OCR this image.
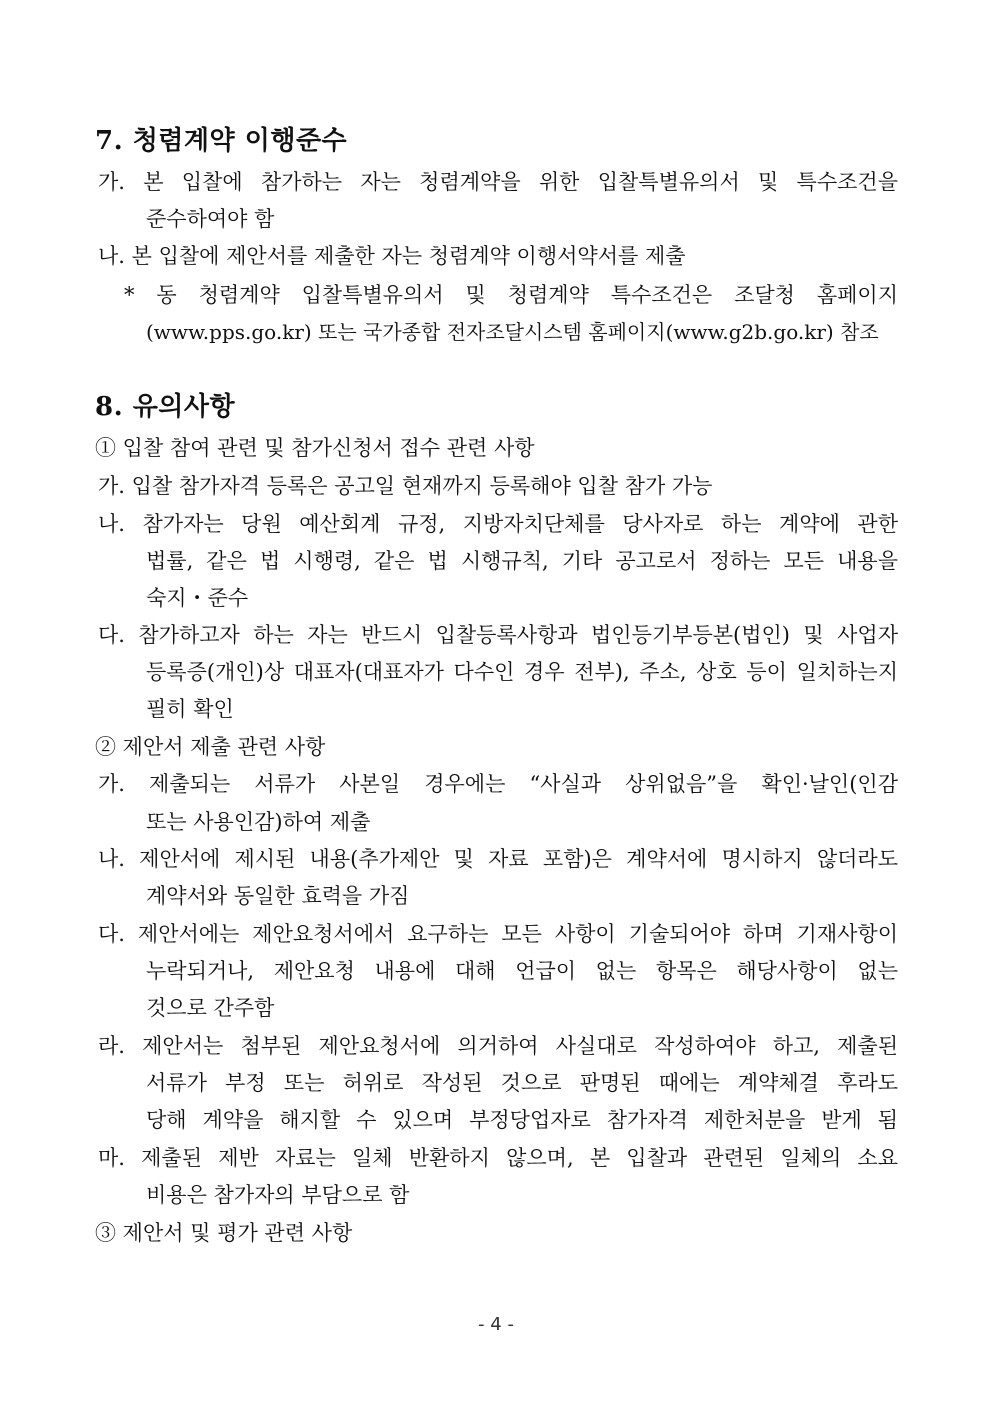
7. 청렴계약 이행준수

가. 본 입찰에 참가하는 자는 청렴계약을 위한 입찰특별유의서 및 특수조건을

준수하여야 함

나. 본 입찰에 제안서를 제출한 자는 청렴계약 이행서약서를 제출

* 동 청렴계약 입찰특별유의서 및 청렴계약 특수조건은 조달청 홈페이지

(www.pps.go.kr) 또는 국가종합 전자조달시스템 홈페이지(www.g2b.go.kr) 참조

8. 유의사항

① 입찰 참여 관련 및 참가신청서 접수 관련 사항

가. 입찰 참가자격 등록은 공고일 현재까지 등록해야 입찰 참가 가능

나. 참가자는 당원 예산회계 규정, 지방자치단체를 당사자로 하는 계약에 관한

법률, 같은 법 시행령, 같은 법 시행규칙, 기타 공고로서 정하는 모든 내용을

숙지・준수

다. 참가하고자 하는 자는 반드시 입찰등록사항과 법인등기부등본(법인) 및 사업자

등록증(개인)상 대표자(대표자가 다수인 경우 전부), 주소, 상호 등이 일치하는지

필히 확인

② 제안서 제출 관련 사항

가. 제출되는 서류가 사본일 경우에는 “사실과 상위없음”을 확인·날인(인감

또는 사용인감)하여 제출

나. 제안서에 제시된 내용(추가제안 및 자료 포함)은 계약서에 명시하지 않더라도

계약서와 동일한 효력을 가짐

다. 제안서에는 제안요청서에서 요구하는 모든 사항이 기술되어야 하며 기재사항이

누락되거나, 제안요청 내용에 대해 언급이 없는 항목은 해당사항이 없는

것으로 간주함

라. 제안서는 첨부된 제안요청서에 의거하여 사실대로 작성하여야 하고, 제출된

서류가 부정 또는 허위로 작성된 것으로 판명된 때에는 계약체결 후라도

당해 계약을 해지할 수 있으며 부정당업자로 참가자격 제한처분을 받게 됨

마. 제출된 제반 자료는 일체 반환하지 않으며, 본 입찰과 관련된 일체의 소요

비용은 참가자의 부담으로 함

③ 제안서 및 평가 관련 사항

- 4 -
